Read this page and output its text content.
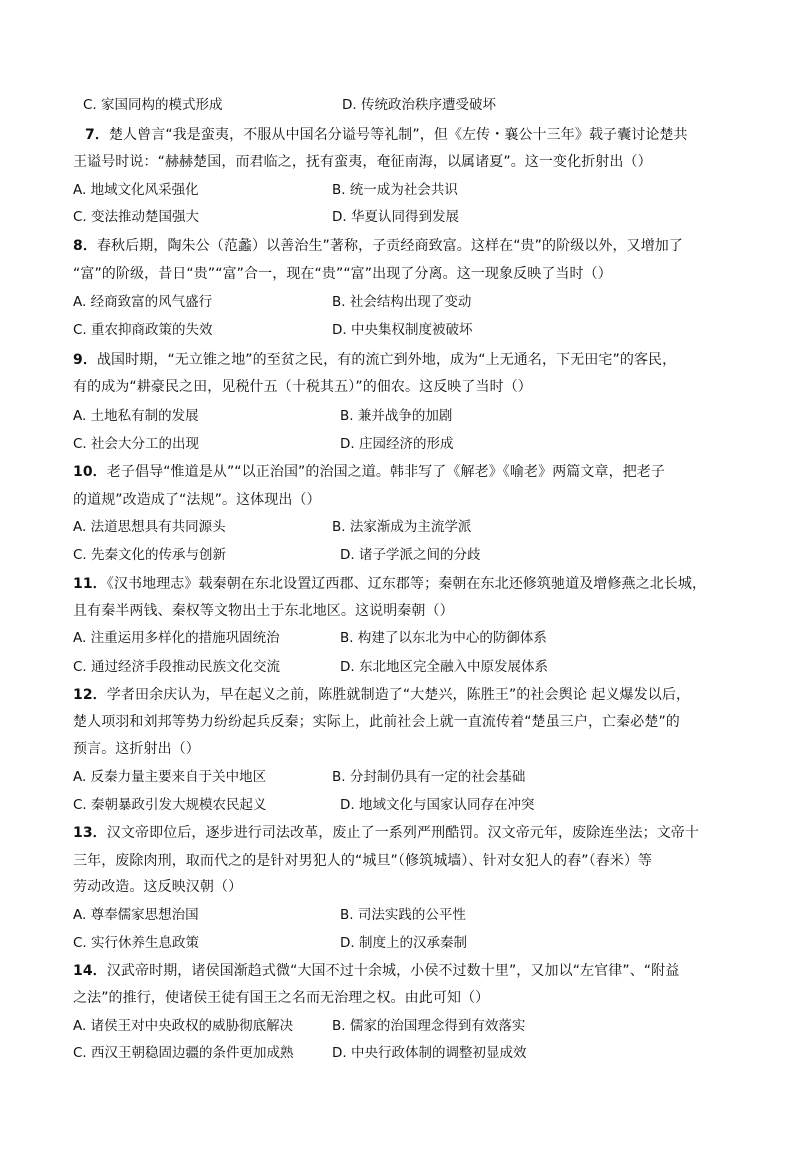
C. 家国同构的模式形成	D. 传统政治秩序遭受破坏
7．楚人曾言“我是蛮夷，不服从中国名分谥号等礼制”，但《左传・襄公十三年》载子囊讨论楚共
王谥号时说：“赫赫楚国，而君临之，抚有蛮夷，奄征南海，以属诸夏”。这一变化折射出（）
A. 地域文化风采强化	B. 统一成为社会共识
C. 变法推动楚国强大	D. 华夏认同得到发展
8．春秋后期，陶朱公（范蠡）以善治生”著称，子贡经商致富。这样在“贵”的阶级以外，又增加了
“富”的阶级，昔日“贵”“富”合一，现在“贵”“富”出现了分离。这一现象反映了当时（）
A. 经商致富的风气盛行	B. 社会结构出现了变动
C. 重农抑商政策的失效	D. 中央集权制度被破坏
9．战国时期，“无立锥之地”的至贫之民，有的流亡到外地，成为“上无通名，下无田宅”的客民，
有的成为“耕豪民之田，见税什五（十税其五）”的佃农。这反映了当时（）
A. 土地私有制的发展	B. 兼并战争的加剧
C. 社会大分工的出现	D. 庄园经济的形成
10．老子倡导“惟道是从”“以正治国”的治国之道。韩非写了《解老》《喻老》两篇文章，把老子
的道规”改造成了“法规”。这体现出（）
A. 法道思想具有共同源头	B. 法家渐成为主流学派
C. 先秦文化的传承与创新	D. 诸子学派之间的分歧
11．《汉书地理志》载秦朝在东北设置辽西郡、辽东郡等；秦朝在东北还修筑驰道及增修燕之北长城，
且有秦半两钱、秦权等文物出土于东北地区。这说明秦朝（）
A. 注重运用多样化的措施巩固统治	B. 构建了以东北为中心的防御体系
C. 通过经济手段推动民族文化交流	D. 东北地区完全融入中原发展体系
12．学者田余庆认为，早在起义之前，陈胜就制造了“大楚兴，陈胜王”的社会舆论 起义爆发以后，
楚人项羽和刘邦等势力纷纷起兵反秦；实际上，此前社会上就一直流传着“楚虽三户，亡秦必楚”的
预言。这折射出（）
A. 反秦力量主要来自于关中地区	B. 分封制仍具有一定的社会基础
C. 秦朝暴政引发大规模农民起义	D. 地域文化与国家认同存在冲突
13．汉文帝即位后，逐步进行司法改革，废止了一系列严刑酷罚。汉文帝元年，废除连坐法；文帝十
三年，废除肉刑，取而代之的是针对男犯人的“城旦”（修筑城墙）、针对女犯人的舂”（舂米）等
劳动改造。这反映汉朝（）
A. 尊奉儒家思想治国	B. 司法实践的公平性
C. 实行休养生息政策	D. 制度上的汉承秦制
14．汉武帝时期，诸侯国渐趋式微“大国不过十余城，小侯不过数十里”，又加以“左官律”、“附益
之法”的推行，使诸侯王徒有国王之名而无治理之权。由此可知（）
A. 诸侯王对中央政权的威胁彻底解决	B. 儒家的治国理念得到有效落实
C. 西汉王朝稳固边疆的条件更加成熟	D. 中央行政体制的调整初显成效
